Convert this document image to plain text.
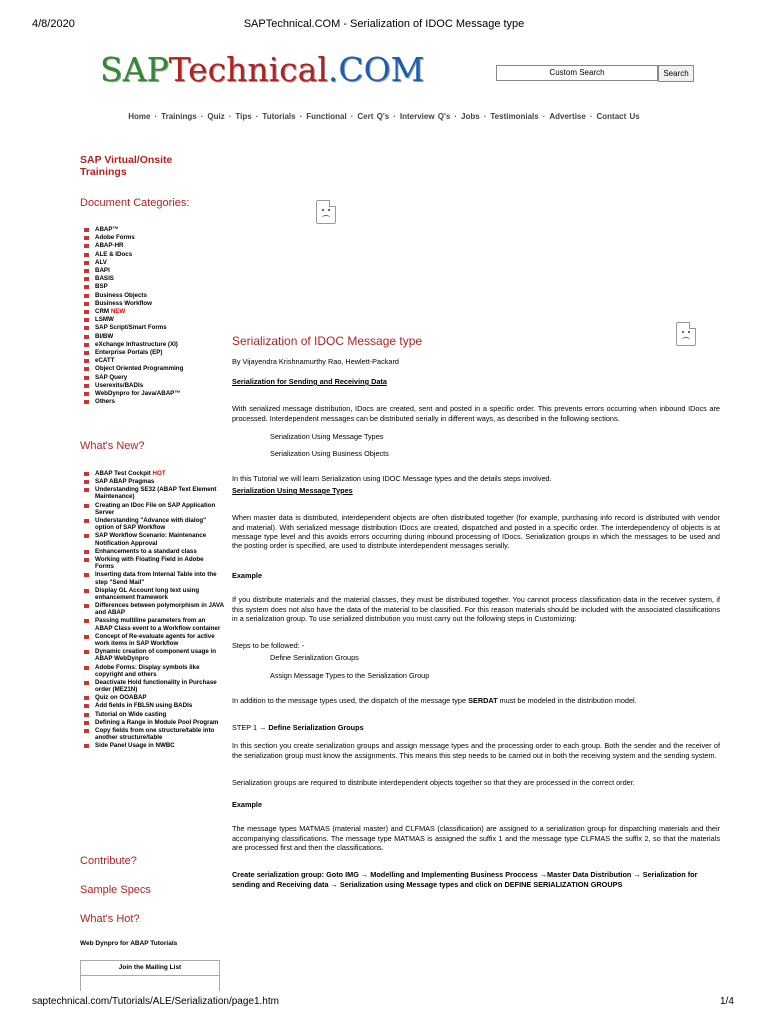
SAPTechnical.COM - Serialization of IDOC Message type
4/8/2020
SAPTechnical.COM	Custom Search	Search
Home · Trainings · Quiz · Tips · Tutorials · Functional · Cert Q's · Interview Q's · Jobs · Testimonials · Advertise · Contact Us
SAP Virtual/Onsite
Trainings
Document Categories:
ABAP™
Adobe Forms
ABAP-HR
ALE & IDocs
ALV
BAPI
BASIS
BSP
Business Objects
Business Workflow
CRM NEW
LSMW
SAP Script/Smart Forms
BI/BW
eXchange Infrastructure (XI)
Enterprise Portals (EP)
eCATT
Object Oriented Programming
SAP Query
Userexits/BADIs
WebDynpro for Java/ABAP™
Others
What's New?
ABAP Test Cockpit HOT
SAP ABAP Pragmas
Understanding SE32 (ABAP Text Element Maintenance)
Creating an IDoc File on SAP Application Server
Understanding "Advance with dialog" option of SAP Workflow
SAP Workflow Scenario: Maintenance Notification Approval
Enhancements to a standard class
Working with Floating Field in Adobe Forms
Inserting data from Internal Table into the step "Send Mail"
Display GL Account long text using enhancement framework
Differences between polymorphism in JAVA and ABAP
Passing multiline parameters from an ABAP Class event to a Workflow container
Concept of Re-evaluate agents for active work items in SAP Workflow
Dynamic creation of component usage in ABAP WebDynpro
Adobe Forms: Display symbols like copyright and others
Deactivate Hold functionality in Purchase order (ME21N)
Quiz on OOABAP
Add fields in FBL5N using BADIs
Tutorial on Wide casting
Defining a Range in Module Pool Program
Copy fields from one structure/table into another structure/table
Side Panel Usage in NWBC
Contribute?
Sample Specs
What's Hot?
Web Dynpro for ABAP Tutorials
Join the Mailing List
Serialization of IDOC Message type
By Vijayendra Krishnamurthy Rao, Hewlett-Packard
Serialization for Sending and Receiving Data

With serialized message distribution, IDocs are created, sent and posted in a specific order. This prevents errors occurring when inbound IDocs are processed. Interdependent messages can be distributed serially in different ways, as described in the following sections.

Serialization Using Message Types
Serialization Using Business Objects

In this Tutorial we will learn Serialization using IDOC Message types and the details steps involved.

Serialization Using Message Types

When master data is distributed, interdependent objects are often distributed together (for example, purchasing info record is distributed with vendor and material). With serialized message distribution IDocs are created, dispatched and posted in a specific order. The interdependency of objects is at message type level and this avoids errors occurring during inbound processing of IDocs. Serialization groups in which the messages to be used and the posting order is specified, are used to distribute interdependent messages serially.

Example

If you distribute materials and the material classes, they must be distributed together. You cannot process classification data in the receiver system, if this system does not also have the data of the material to be classified. For this reason materials should be included with the associated classifications in a serialization group. To use serialized distribution you must carry out the following steps in Customizing:

Steps to be followed: -

Define Serialization Groups
Assign Message Types to the Serialization Group

In addition to the message types used, the dispatch of the message type SERDAT must be modeled in the distribution model.

STEP 1 → Define Serialization Groups

In this section you create serialization groups and assign message types and the processing order to each group. Both the sender and the receiver of the serialization group must know the assignments. This means this step needs to be carried out in both the receiving system and the sending system.

Serialization groups are required to distribute interdependent objects together so that they are processed in the correct order.

Example

The message types MATMAS (material master) and CLFMAS (classification) are assigned to a serialization group for dispatching materials and their accompanying classifications. The message type MATMAS is assigned the suffix 1 and the message type CLFMAS the suffix 2, so that the materials are processed first and then the classifications.

Create serialization group: Goto IMG → Modelling and Implementing Business Proccess →Master Data Distribution → Serialization for sending and Receiving data → Serialization using Message types and click on DEFINE SERIALIZATION GROUPS

saptechnical.com/Tutorials/ALE/Serialization/page1.htm	1/4
